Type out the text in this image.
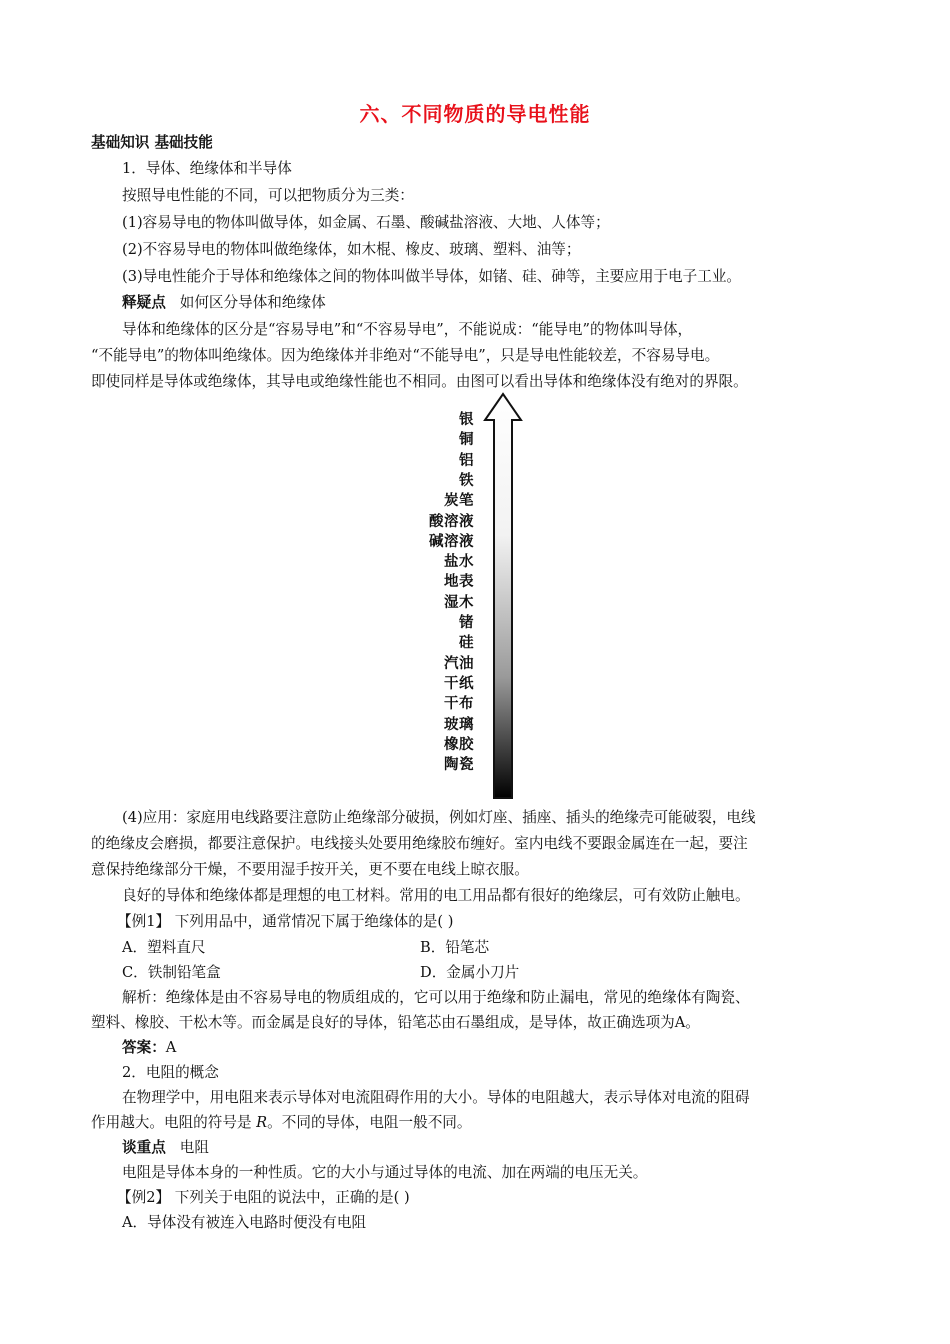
六、不同物质的导电性能
基础知识 基础技能
1．导体、绝缘体和半导体
按照导电性能的不同，可以把物质分为三类：
(1)容易导电的物体叫做导体，如金属、石墨、酸碱盐溶液、大地、人体等；
(2)不容易导电的物体叫做绝缘体，如木棍、橡皮、玻璃、塑料、油等；
(3)导电性能介于导体和绝缘体之间的物体叫做半导体，如锗、硅、砷等，主要应用于电子工业。
释疑点 如何区分导体和绝缘体
导体和绝缘体的区分是“容易导电”和“不容易导电”，不能说成：“能导电”的物体叫导体，
“不能导电”的物体叫绝缘体。因为绝缘体并非绝对“不能导电”，只是导电性能较差，不容易导电。
即使同样是导体或绝缘体，其导电或绝缘性能也不相同。由图可以看出导体和绝缘体没有绝对的界限。
银
铜
铝
铁
炭笔
酸溶液
碱溶液
盐水
地表
湿木
锗
硅
汽油
干纸
干布
玻璃
橡胶
陶瓷
(4)应用：家庭用电线路要注意防止绝缘部分破损，例如灯座、插座、插头的绝缘壳可能破裂，电线
的绝缘皮会磨损，都要注意保护。电线接头处要用绝缘胶布缠好。室内电线不要跟金属连在一起，要注
意保持绝缘部分干燥，不要用湿手按开关，更不要在电线上晾衣服。
良好的导体和绝缘体都是理想的电工材料。常用的电工用品都有很好的绝缘层，可有效防止触电。
【例1】 下列用品中，通常情况下属于绝缘体的是( )
A．塑料直尺	B．铅笔芯
C．铁制铅笔盒	D．金属小刀片
解析：绝缘体是由不容易导电的物质组成的，它可以用于绝缘和防止漏电，常见的绝缘体有陶瓷、
塑料、橡胶、干松木等。而金属是良好的导体，铅笔芯由石墨组成，是导体，故正确选项为A。
答案：A
2．电阻的概念
在物理学中，用电阻来表示导体对电流阻碍作用的大小。导体的电阻越大，表示导体对电流的阻碍
作用越大。电阻的符号是 R。不同的导体，电阻一般不同。
谈重点 电阻
电阻是导体本身的一种性质。它的大小与通过导体的电流、加在两端的电压无关。
【例2】 下列关于电阻的说法中，正确的是( )
A．导体没有被连入电路时便没有电阻
